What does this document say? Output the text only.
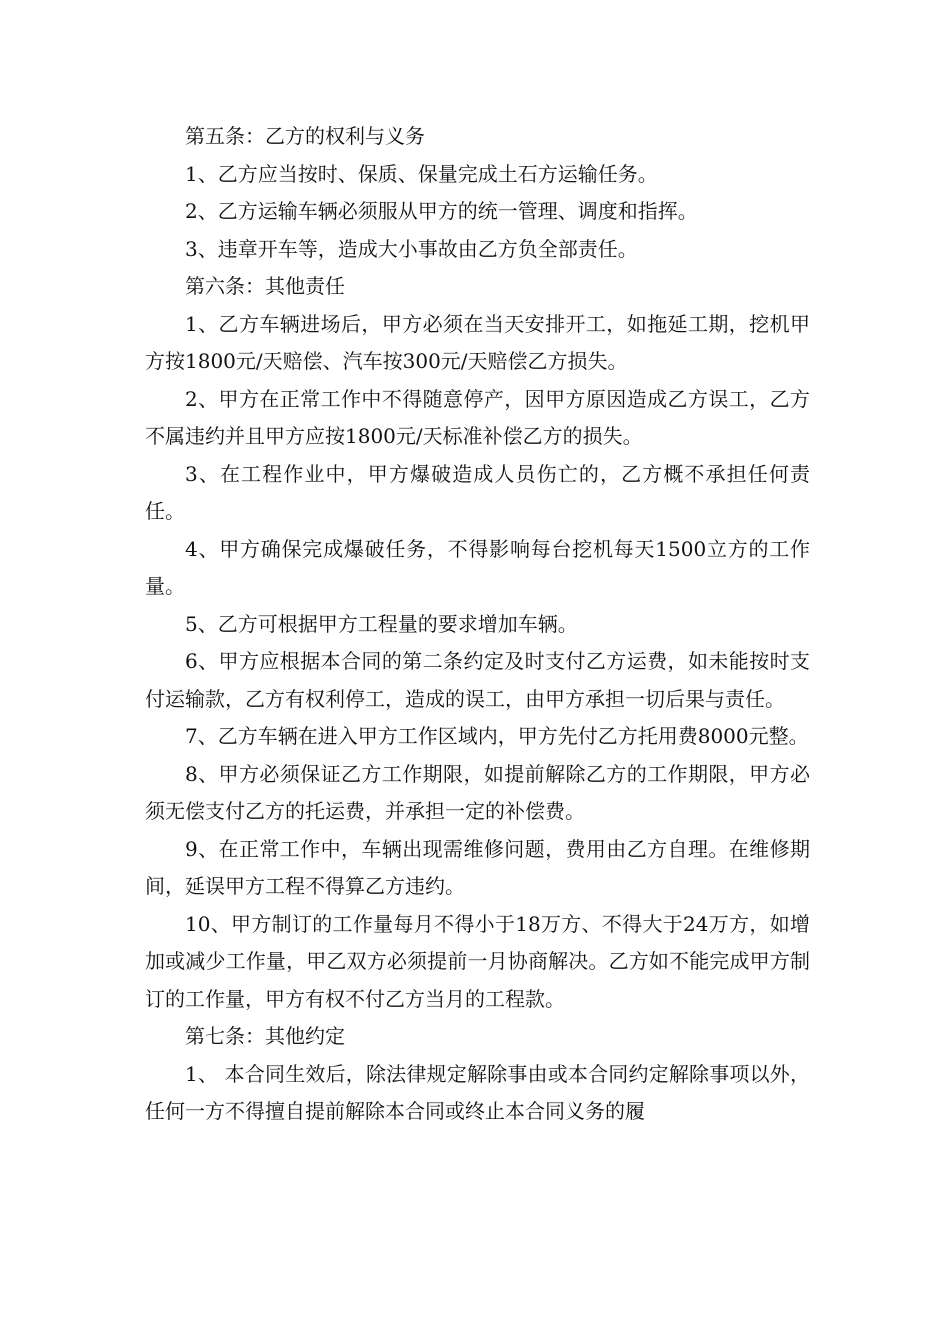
第五条：乙方的权利与义务

1、乙方应当按时、保质、保量完成土石方运输任务。

2、乙方运输车辆必须服从甲方的统一管理、调度和指挥。

3、违章开车等，造成大小事故由乙方负全部责任。

第六条：其他责任

1、乙方车辆进场后，甲方必须在当天安排开工，如拖延工期，挖机甲方按1800元/天赔偿、汽车按300元/天赔偿乙方损失。

2、甲方在正常工作中不得随意停产，因甲方原因造成乙方误工，乙方不属违约并且甲方应按1800元/天标准补偿乙方的损失。

3、在工程作业中，甲方爆破造成人员伤亡的，乙方概不承担任何责任。

4、甲方确保完成爆破任务，不得影响每台挖机每天1500立方的工作量。

5、乙方可根据甲方工程量的要求增加车辆。

6、甲方应根据本合同的第二条约定及时支付乙方运费，如未能按时支付运输款，乙方有权利停工，造成的误工，由甲方承担一切后果与责任。

7、乙方车辆在进入甲方工作区域内，甲方先付乙方托用费8000元整。

8、甲方必须保证乙方工作期限，如提前解除乙方的工作期限，甲方必须无偿支付乙方的托运费，并承担一定的补偿费。

9、在正常工作中，车辆出现需维修问题，费用由乙方自理。在维修期间，延误甲方工程不得算乙方违约。

10、甲方制订的工作量每月不得小于18万方、不得大于24万方，如增加或减少工作量，甲乙双方必须提前一月协商解决。乙方如不能完成甲方制订的工作量，甲方有权不付乙方当月的工程款。

第七条：其他约定

1、 本合同生效后，除法律规定解除事由或本合同约定解除事项以外，任何一方不得擅自提前解除本合同或终止本合同义务的履
